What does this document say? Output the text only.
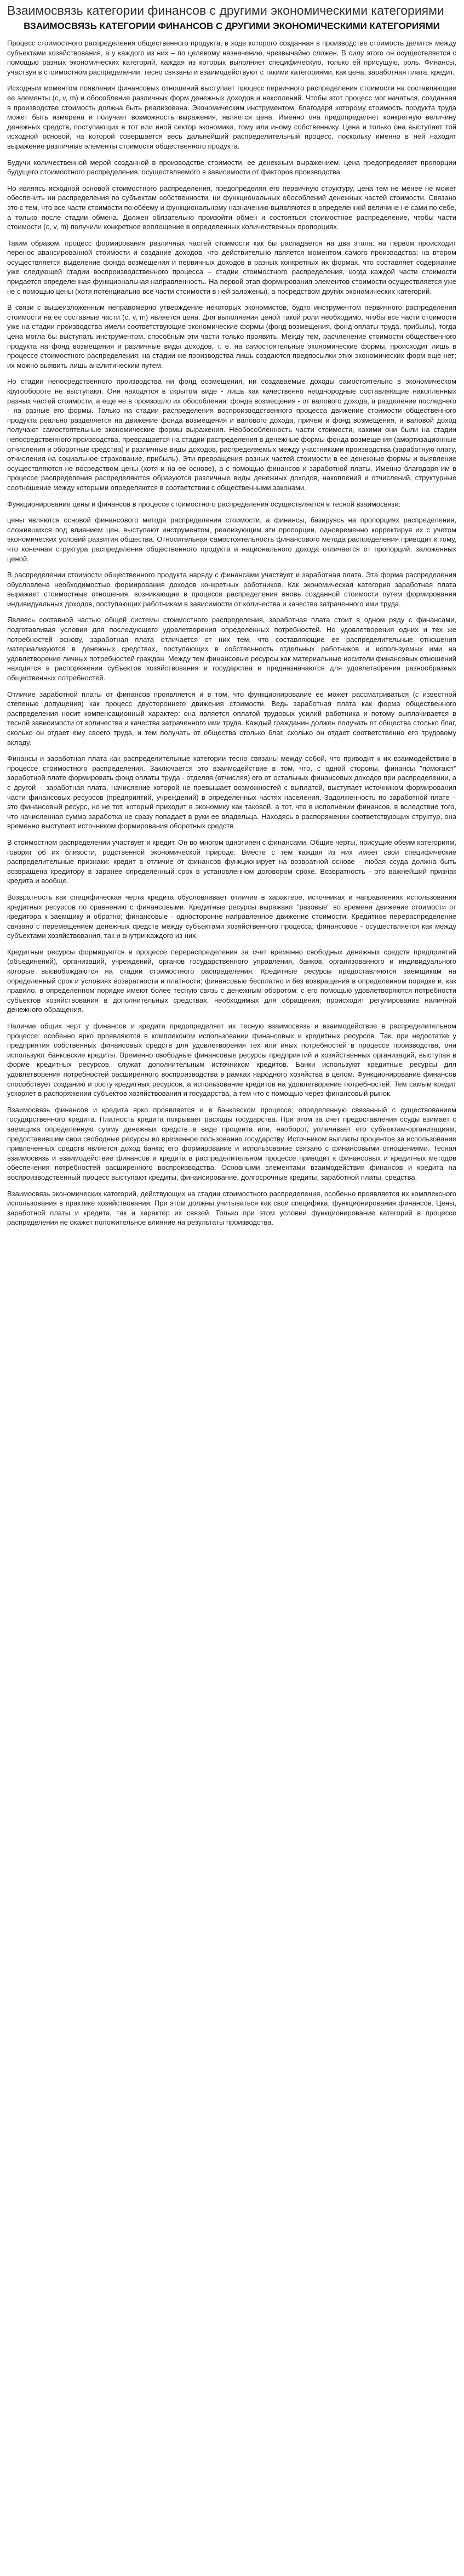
Взаимосвязь категории финансов с другими экономическими категориями
ВЗАИМОСВЯЗЬ КАТЕГОРИИ ФИНАНСОВ С ДРУГИМИ ЭКОНОМИЧЕСКИМИ КАТЕГОРИЯМИ

Процесс стоимостного распределения общественного продукта, в ходе которого созданная в производстве стоимость делится между субъектами хозяйствования, а у каждого из них – по целевому назначению, чрезвычайно сложен. В силу этого он осуществляется с помощью разных экономических категорий, каждая из которых выполняет специфическую, только ей присущую, роль. Финансы, участвуя в стоимостном распределении, тесно связаны и взаимодействуют с такими категориями, как цена, заработная плата, кредит.

Исходным моментом появления финансовых отношений выступает процесс первичного распределения стоимости на составляющие ее элементы (с, v, m) и обособление различных форм денежных доходов и накоплений. Чтобы этот процесс мог начаться, созданная в производстве стоимость должна быть реализована. Экономическим инструментом, благодаря которому стоимость продукта труда может быть измерена и получает возможность выражения, является цена. Именно она предопределяет конкретную величину денежных средств, поступающих в тот или иной сектор экономики, тому или иному собственнику. Цена и только она выступает той исходной основой, на которой совершается весь дальнейший распределительный процесс, поскольку именно в ней находят выражение различные элементы стоимости общественного продукта.

Будучи количественной мерой созданной в производстве стоимости, ее денежным выражением, цена предопределяет пропорции будущего стоимостного распределения, осуществляемого в зависимости от факторов производства.

Но являясь исходной основой стоимостного распределения, предопределяя его первичную структуру, цена тем не менее не может обеспечить ни распределения по субъектам собственности, ни функциональных обособлений денежных частей стоимости. Связано это с тем, что все части стоимости по обе́ему и функциональному назначению выявляются в определенной величине не сами по себе, а только после стадии обмена. Должен обязательно произойти обмен и состояться стоимостное распределение, чтобы части стоимости (с, v, m) получили конкретное воплощение в определенных количественных пропорциях.

Таким образом, процесс формирования различных частей стоимости как бы распадается на два этапа: на первом происходит перенос авансированной стоимости и создание доходов, что действительно является моментом самого производства; на втором осуществляется выделение фонда возмещения и первичных доходов в разных конкретных их формах, что составляет содержание уже следующей стадии воспроизводственного процесса – стадии стоимостного распределения, когда каждой части стоимости придается определенная функциональная направленность. На первой этап формирования элементов стоимости осуществляется уже не с помощью цены (хотя потенциально все части стоимости в ней заложены), а посредством других экономических категорий.

В связи с вышеизложенным неправомерно утверждение некоторых экономистов, будто инструментом первичного распределения стоимости на ее составные части (с, v, m) является цена. Для выполнения ценой такой роли необходимо, чтобы все части стоимости уже на стадии производства имели соответствующие экономические формы (фонд возмещения, фонд оплаты труда, прибыль), тогда цена могла бы выступать инструментом, способным эти части только проявить. Между тем, расчленение стоимости общественного продукта на фонд возмещения и различные виды доходов, т. е. на самостоятельные экономические формы, происходит лишь в процессе стоимостного распределения; на стадии же производства лишь создаются предпосылки этих экономических форм еще нет; их можно выявить лишь аналитическим путем.

Но стадии непосредственного производства ни фонд возмещения, ни создаваемые доходы самостоятельно в экономическом кругообороте не выступают. Они находятся в скрытом виде - лишь как качественно неоднородные составляющие накопленных разных частей стоимости, а еще не в произошло их обособления: фонда возмещения - от валового дохода, а разделение последнего - на разные его формы. Только на стадии распределения воспроизводственного процесса движение стоимости общественного продукта реально разделяется на движение фонда возмещения и валового дохода, причем и фонд возмещения, и валовой доход получают самостоятельные экономические формы выражения. Необособленность части стоимости, какими они были на стадии непосредственного производства, превращается на стадии распределения в денежные формы фонда возмещения (амортизационные отчисления и оборотные средства) и различные виды доходов, распределяемых между участниками производства (заработную плату, отчисления на социальное страхование, прибыль). Эти превращения разных частей стоимости в ее денежные формы и выявление осуществляются не посредством цены (хотя и на ее основе), а с помощью финансов и заработной платы. Именно благодаря им в процессе распределения распределяются образуются различные виды денежных доходов, накоплений и отчислений, структурные соотношение между которыми определяются в соответствии с общественными законами.

Функционирование цены и финансов в процессе стоимостного распределения осуществляется в тесной взаимосвязи:

цены являются основой финансового метода распределения стоимости, а финансы, базируясь на пропорциях распределения, сложившихся под влиянием цен, выступают инструментом, реализующим эти пропорции, одновременно корректируя их с учетом экономических условий развития общества. Относительная самостоятельность финансового метода распределения приводит к тому, что конечная структура распределения общественного продукта и национального дохода отличается от пропорций, заложенных ценой.

В распределении стоимости общественного продукта наряду с финансами участвует и заработная плата. Эта форма распределения обусловлена необходимостью формирования доходов конкретных работников. Как экономическая категория заработная плата выражает стоимостные отношения, возникающие в процессе распределения вновь созданной стоимости путем формирования индивидуальных доходов, поступающих работникам в зависимости от количества и качества затраченного ими труда.

Являясь составной частью общей системы стоимостного распределения, заработная плата стоит в одном ряду с финансами, подготавливая условия для последующего удовлетворения определенных потребностей. Но удовлетворения одних и тех же потребностей основу, заработная плата отличается от них тем, что составляющие ее распределительные отношения материализуются в денежных средствах, поступающих в собственность отдельных работников и используемых ими на удовлетворение личных потребностей граждан. Между тем финансовые ресурсы как материальные носители финансовых отношений находятся в распоряжении субъектов хозяйствования и государства и предназначаются для удовлетворения разнообразных общественных потребностей.

Отличие заработной платы от финансов проявляется и в том, что функционирование ее может рассматриваться (с известной степенью допущения) как процесс двустороннего движения стоимости. Ведь заработная плата как форма общественного распределения носит компенсационный характер: она является оплатой трудовых усилий работника и потому выплачивается в тесной зависимости от количества и качества затраченного ими труда. Каждый гражданин должен получать от общества столько благ, сколько он отдает ему своего труда, и тем получать от общества столько благ, сколько он отдает соответственно его трудовому вкладу.

Финансы и заработная плата как распределительные категории тесно связаны между собой, что приводит к их взаимодействию в процессе стоимостного распределения. Заключается это взаимодействие в том, что, с одной стороны, финансы "помогают" заработной плате формировать фонд оплаты труда - отделяя (отчисляя) его от остальных финансовых доходов при распределении, а с другой – заработная плата, начисление которой не превышает возможностей с выплатой, выступает источником формирования части финансовых ресурсов (предприятий, учреждений) в определенных частях населения. Задолженность по заработной плате – это финансовый ресурс, но не тот, который приходит в экономику как таковой, а тот, что в исполнении финансов, в вследствие того, что начисленная сумма заработка не сразу попадает в руки ее владельца. Находясь в распоряжении соответствующих структур, она временно выступает источником формирования оборотных средств.

В стоимостном распределении участвует и кредит. Он во многом однотипен с финансами. Общие черты, присущие обеим категориям, говорят об их близости, родственной экономической природе. Вместе с тем каждая из них имеет свои специфические распределительные признаки: кредит в отличие от финансов функционирует на возвратной основе - любая ссуда должна быть возвращена кредитору в заранее определенный срок в установленном договором сроке. Возвратность - это важнейший признак кредита и вообще.

Возвратность как специфическая черта кредита обусловливает отличие в характере, источниках и направлениях использования кредитных ресурсов по сравнению с финансовыми. Кредитные ресурсы выражают "разовые" во времени движение стоимости от кредитора к заемщику и обратно; финансовые - односторонне направленное движение стоимости. Кредитное перераспределение связано с перемещением денежных средств между субъектами хозяйственного процесса; финансовое - осуществляется как между субъектами хозяйствования, так и внутри каждого из них.

Кредитные ресурсы формируются в процессе перераспределения за счет временно свободных денежных средств предприятий (объединений), организаций, учреждений, органов государственного управления, банков, организованного и индивидуального которые высвобождаются на стадии стоимостного распределения. Кредитные ресурсы предоставляются заемщикам на определенный срок и условиях возвратности и платности; финансовые бесплатно и без возвращения в определенном порядке и, как правило, в определенном порядке имеют более тесную связь с денежным оборотом: с его помощью удовлетворяются потребности субъектов хозяйствования в дополнительных средствах, необходимых для обращения; происходит регулирование наличной денежного обращения.

Наличие общих черт у финансов и кредита предопределяет их тесную взаимосвязь и взаимодействие в распределительном процессе: особенно ярко проявляются в комплексном использовании финансовых и кредитных ресурсов. Так, при недостатке у предприятия собственных финансовых средств для удовлетворения тех или иных потребностей в процессе производства, они используют банковские кредиты. Временно свободные финансовые ресурсы предприятий и хозяйственных организаций, выступая в форме кредитных ресурсов, служат дополнительным источником кредитов. Банки используют кредитные ресурсы для удовлетворения потребностей расширенного воспроизводства в рамках народного хозяйства в целом. Функционирование финансов способствует созданию и росту кредитных ресурсов, а использование кредитов на удовлетворение потребностей. Тем самым кредит ускоряет в распоряжении субъектов хозяйствования и государства, а тем что с помощью через финансовый рынок.

Взаимосвязь финансов и кредита ярко проявляется и в банковском процессе; определенную связанный с существованием государственного кредита. Платность кредита покрывает расходы государства. При этом за счет предоставления ссуды взимает с заемщика определенную сумму денежных средств в виде процента или, наоборот, уплачивает его субъектам-организациям, предоставившим свои свободные ресурсы во временное пользование государству. Источником выплаты процентов за использование привлеченных средств является доход банка; его формирование и использование связано с финансовыми отношениями. Тесная взаимосвязь и взаимодействие финансов и кредита в распределительном процессе приводит к финансовых и кредитных методов обеспечения потребностей расширенного воспроизводства. Основными элементами взаимодействия финансов и кредита на воспроизводственный процесс выступают кредиты, финансирование, долгосрочные кредиты, заработной платы, средства.

Взаимосвязь экономических категорий, действующих на стадии стоимостного распределения, особенно проявляется их комплексного использования в практике хозяйствования. При этом должны учитываться как свои специфика, функционирования финансов. Цены, заработной платы и кредита, так и характер их связей. Только при этом условии функционирование категорий в процессе распределения не окажет положительное влияние на результаты производства.
